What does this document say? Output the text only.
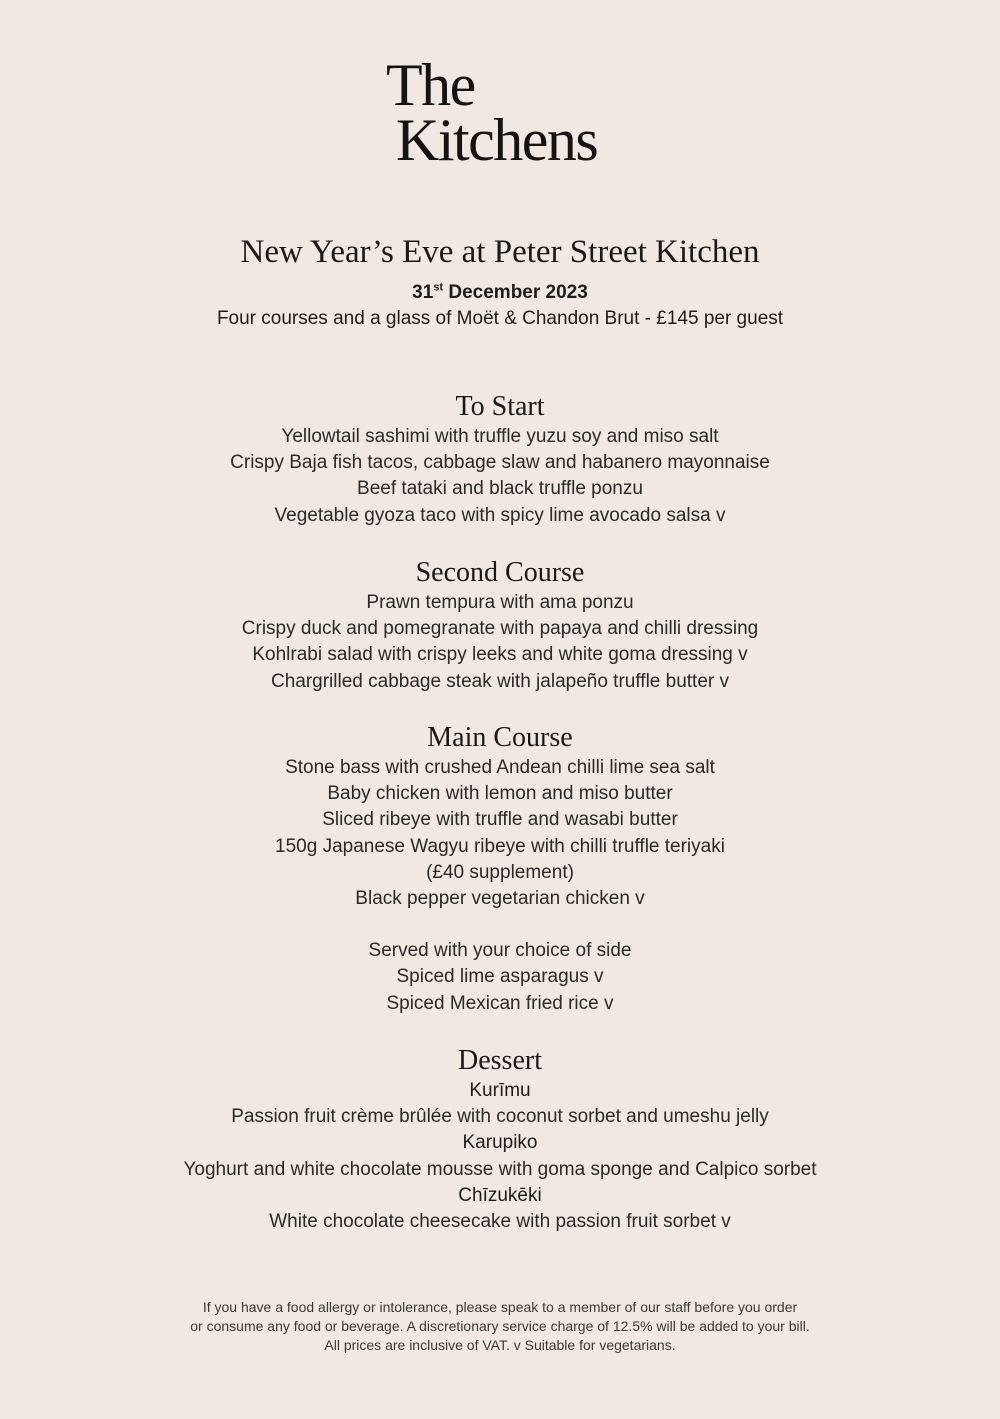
The
Kitchens
New Year’s Eve at Peter Street Kitchen
31st December 2023
Four courses and a glass of Moët & Chandon Brut - £145 per guest
To Start
Yellowtail sashimi with truffle yuzu soy and miso salt
Crispy Baja fish tacos, cabbage slaw and habanero mayonnaise
Beef tataki and black truffle ponzu
Vegetable gyoza taco with spicy lime avocado salsa v
Second Course
Prawn tempura with ama ponzu
Crispy duck and pomegranate with papaya and chilli dressing
Kohlrabi salad with crispy leeks and white goma dressing v
Chargrilled cabbage steak with jalapeño truffle butter v
Main Course
Stone bass with crushed Andean chilli lime sea salt
Baby chicken with lemon and miso butter
Sliced ribeye with truffle and wasabi butter
150g Japanese Wagyu ribeye with chilli truffle teriyaki
(£40 supplement)
Black pepper vegetarian chicken v
Served with your choice of side
Spiced lime asparagus v
Spiced Mexican fried rice v
Dessert
Kurīmu
Passion fruit crème brûlée with coconut sorbet and umeshu jelly
Karupiko
Yoghurt and white chocolate mousse with goma sponge and Calpico sorbet
Chīzukēki
White chocolate cheesecake with passion fruit sorbet v
If you have a food allergy or intolerance, please speak to a member of our staff before you order
or consume any food or beverage. A discretionary service charge of 12.5% will be added to your bill.
All prices are inclusive of VAT. v Suitable for vegetarians.
